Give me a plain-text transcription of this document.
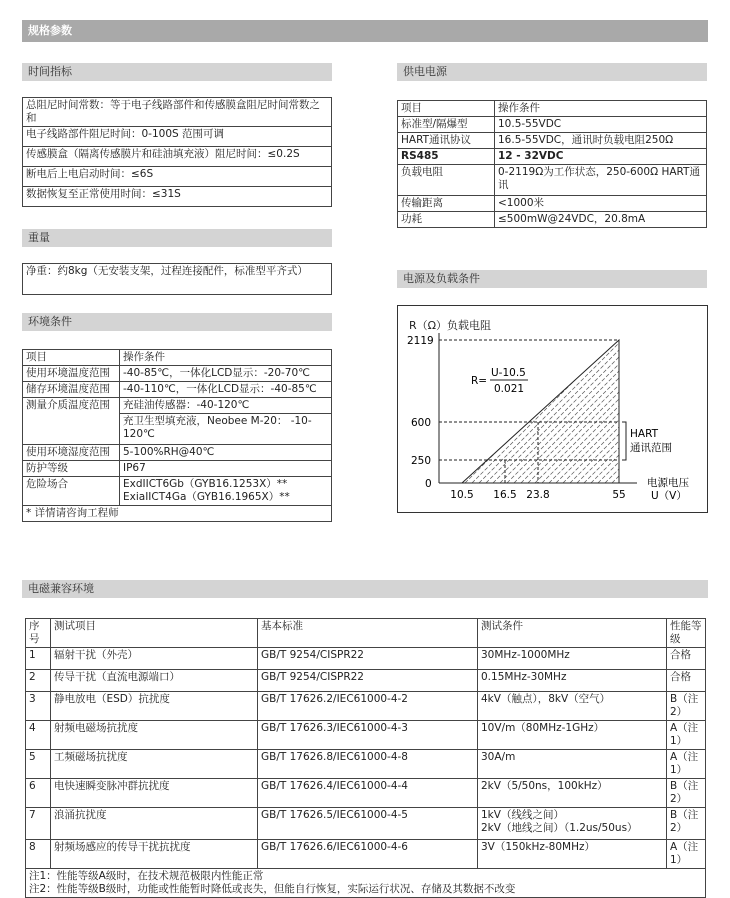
规格参数
时间指标
总阻尼时间常数：等于电子线路部件和传感膜盒阻尼时间常数之和
电子线路部件阻尼时间：0-100S 范围可调
传感膜盒（隔离传感膜片和硅油填充液）阻尼时间：≤0.2S
断电后上电启动时间：≤6S
数据恢复至正常使用时间：≤31S
重量
净重：约8kg（无安装支架，过程连接配件，标准型平齐式）
环境条件
项目	操作条件
使用环境温度范围	-40-85℃，一体化LCD显示：-20-70℃
储存环境温度范围	-40-110℃，一体化LCD显示：-40-85℃
测量介质温度范围	充硅油传感器：-40-120℃
	充卫生型填充液，Neobee M-20： -10-120℃
使用环境湿度范围	5-100%RH@40℃
防护等级	IP67
危险场合	ExdIICT6Gb（GYB16.1253X）**
ExiaIICT4Ga（GYB16.1965X）**
* 详情请咨询工程师	
供电电源
项目	操作条件
标准型/隔爆型	10.5-55VDC
HART通讯协议	16.5-55VDC，通讯时负载电阻250Ω
RS485	12 - 32VDC
负载电阻	0-2119Ω为工作状态，250-600Ω HART通讯
传输距离	<1000米
功耗	≤500mW@24VDC，20.8mA
电源及负载条件
R（Ω）负载电阻
2119
600
250
0
10.5 16.5 23.8	55
电源电压
U（V）
R=
U-10.5
0.021
HART
通讯范围
电磁兼容环境
序号	测试项目	基本标准	测试条件	性能等级
1	辐射干扰（外壳）	GB/T 9254/CISPR22	30MHz-1000MHz	合格
2	传导干扰（直流电源端口）	GB/T 9254/CISPR22	0.15MHz-30MHz	合格
3	静电放电（ESD）抗扰度	GB/T 17626.2/IEC61000-4-2	4kV（触点），8kV（空气）	B（注2）
4	射频电磁场抗扰度	GB/T 17626.3/IEC61000-4-3	10V/m（80MHz-1GHz）	A（注1）
5	工频磁场抗扰度	GB/T 17626.8/IEC61000-4-8	30A/m	A（注1）
6	电快速瞬变脉冲群抗扰度	GB/T 17626.4/IEC61000-4-4	2kV（5/50ns，100kHz）	B（注2）
7	浪涌抗扰度	GB/T 17626.5/IEC61000-4-5	1kV（线线之间）
2kV（地线之间）（1.2us/50us）	B（注2）
8	射频场感应的传导干扰抗扰度	GB/T 17626.6/IEC61000-4-6	3V（150kHz-80MHz）	A（注1）

注1：性能等级A级时，在技术规范极限内性能正常
注2：性能等级B级时，功能或性能暂时降低或丧失，但能自行恢复，实际运行状况、存储及其数据不改变				
